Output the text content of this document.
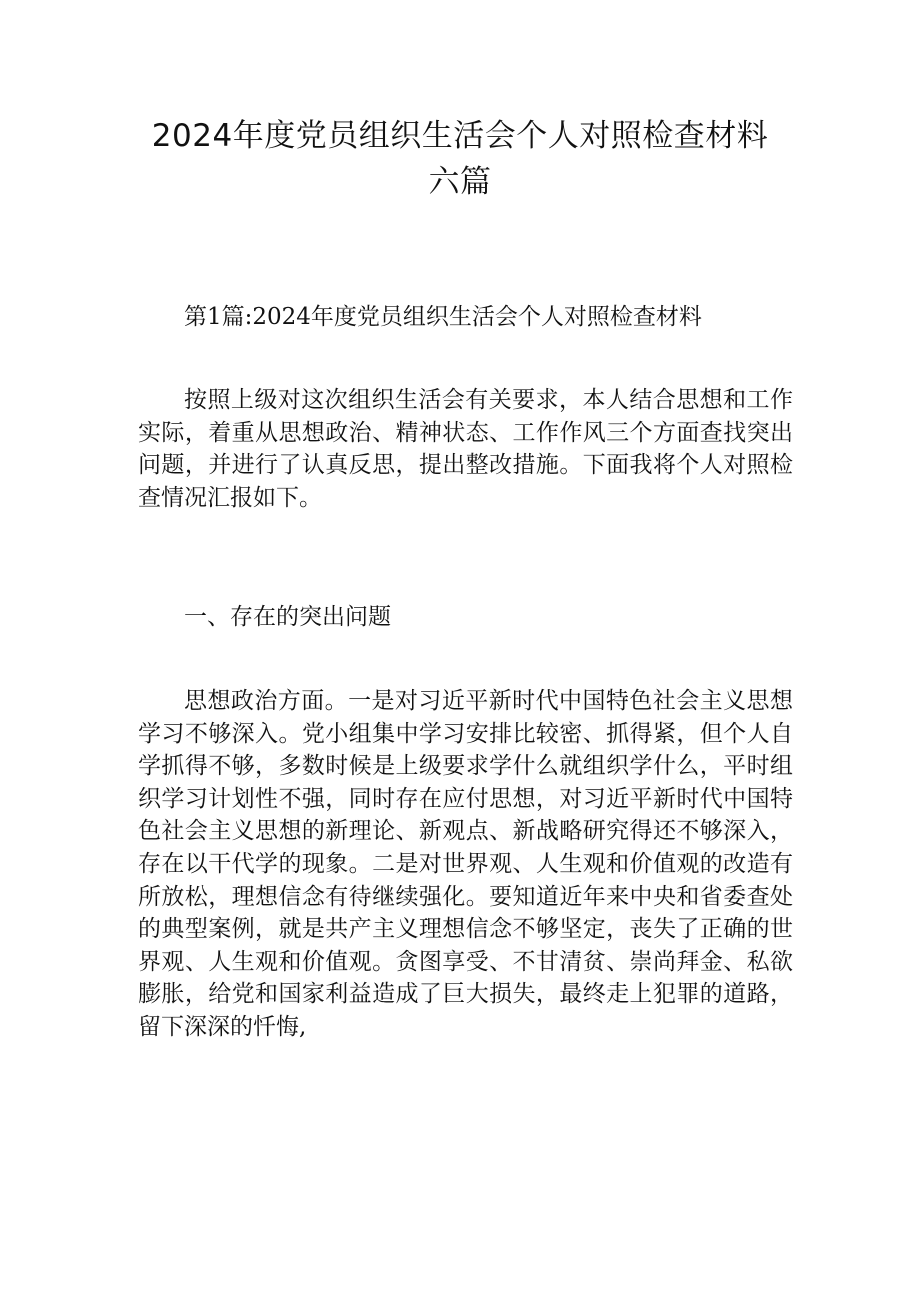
2024年度党员组织生活会个人对照检查材料六篇

第1篇:2024年度党员组织生活会个人对照检查材料

按照上级对这次组织生活会有关要求，本人结合思想和工作实际，着重从思想政治、精神状态、工作作风三个方面查找突出问题，并进行了认真反思，提出整改措施。下面我将个人对照检查情况汇报如下。

一、存在的突出问题

思想政治方面。一是对习近平新时代中国特色社会主义思想学习不够深入。党小组集中学习安排比较密、抓得紧，但个人自学抓得不够，多数时候是上级要求学什么就组织学什么，平时组织学习计划性不强，同时存在应付思想，对习近平新时代中国特色社会主义思想的新理论、新观点、新战略研究得还不够深入，存在以干代学的现象。二是对世界观、人生观和价值观的改造有所放松，理想信念有待继续强化。要知道近年来中央和省委查处的典型案例，就是共产主义理想信念不够坚定，丧失了正确的世界观、人生观和价值观。贪图享受、不甘清贫、崇尚拜金、私欲膨胀，给党和国家利益造成了巨大损失，最终走上犯罪的道路，留下深深的忏悔,
